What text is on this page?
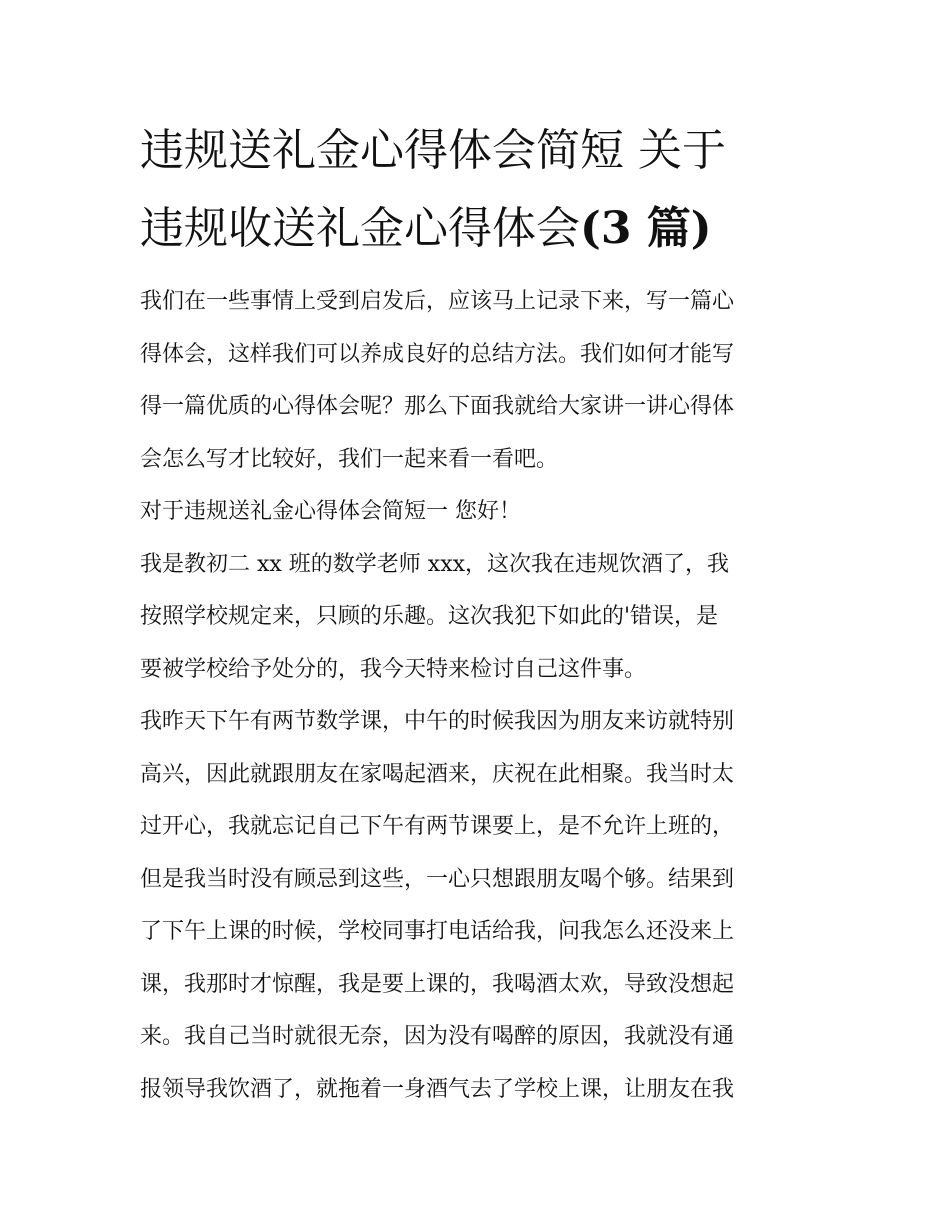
违规送礼金心得体会简短 关于
违规收送礼金心得体会(3 篇)
我们在一些事情上受到启发后，应该马上记录下来，写一篇心
得体会，这样我们可以养成良好的总结方法。我们如何才能写
得一篇优质的心得体会呢？那么下面我就给大家讲一讲心得体
会怎么写才比较好，我们一起来看一看吧。
对于违规送礼金心得体会简短一 您好！
我是教初二 xx 班的数学老师 xxx，这次我在违规饮酒了，我
按照学校规定来，只顾的乐趣。这次我犯下如此的'错误，是
要被学校给予处分的，我今天特来检讨自己这件事。
我昨天下午有两节数学课，中午的时候我因为朋友来访就特别
高兴，因此就跟朋友在家喝起酒来，庆祝在此相聚。我当时太
过开心，我就忘记自己下午有两节课要上，是不允许上班的，
但是我当时没有顾忌到这些，一心只想跟朋友喝个够。结果到
了下午上课的时候，学校同事打电话给我，问我怎么还没来上
课，我那时才惊醒，我是要上课的，我喝酒太欢，导致没想起
来。我自己当时就很无奈，因为没有喝醉的原因，我就没有通
报领导我饮酒了，就拖着一身酒气去了学校上课，让朋友在我
